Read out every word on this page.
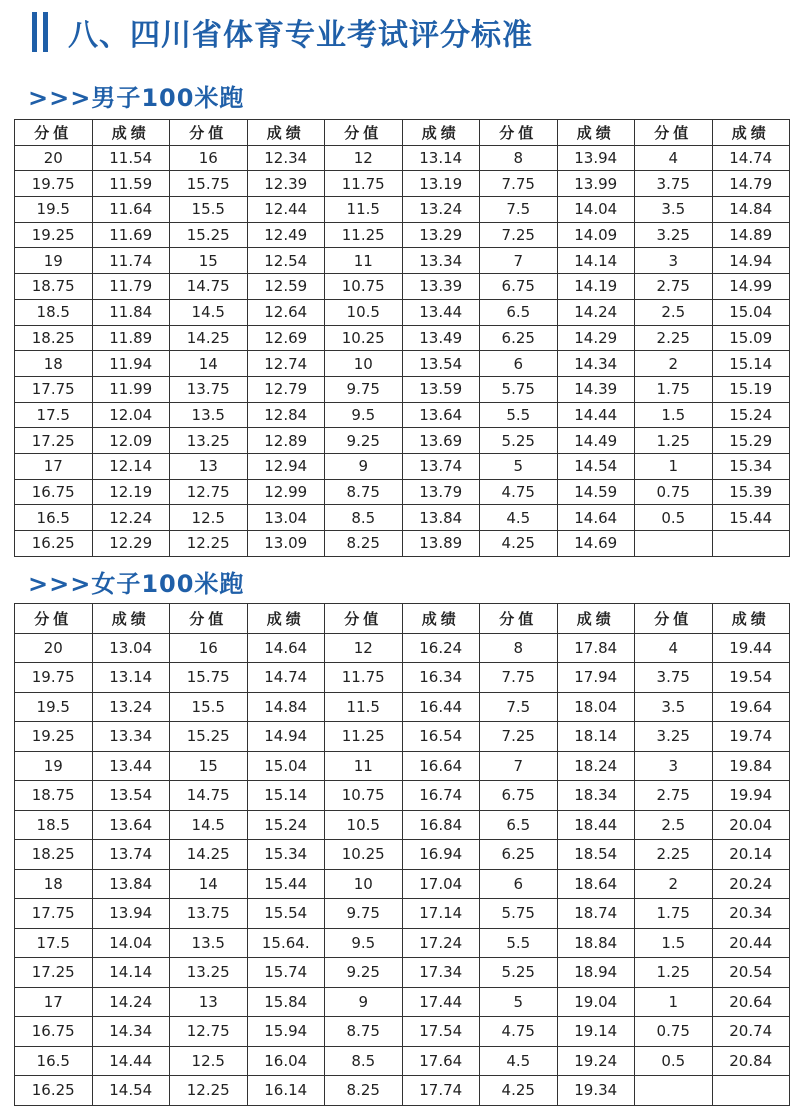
八、四川省体育专业考试评分标准
>>>男子100米跑
分值	成绩	分值	成绩	分值	成绩	分值	成绩	分值	成绩
20	11.54	16	12.34	12	13.14	8	13.94	4	14.74
19.75	11.59	15.75	12.39	11.75	13.19	7.75	13.99	3.75	14.79
19.5	11.64	15.5	12.44	11.5	13.24	7.5	14.04	3.5	14.84
19.25	11.69	15.25	12.49	11.25	13.29	7.25	14.09	3.25	14.89
19	11.74	15	12.54	11	13.34	7	14.14	3	14.94
18.75	11.79	14.75	12.59	10.75	13.39	6.75	14.19	2.75	14.99
18.5	11.84	14.5	12.64	10.5	13.44	6.5	14.24	2.5	15.04
18.25	11.89	14.25	12.69	10.25	13.49	6.25	14.29	2.25	15.09
18	11.94	14	12.74	10	13.54	6	14.34	2	15.14
17.75	11.99	13.75	12.79	9.75	13.59	5.75	14.39	1.75	15.19
17.5	12.04	13.5	12.84	9.5	13.64	5.5	14.44	1.5	15.24
17.25	12.09	13.25	12.89	9.25	13.69	5.25	14.49	1.25	15.29
17	12.14	13	12.94	9	13.74	5	14.54	1	15.34
16.75	12.19	12.75	12.99	8.75	13.79	4.75	14.59	0.75	15.39
16.5	12.24	12.5	13.04	8.5	13.84	4.5	14.64	0.5	15.44
16.25	12.29	12.25	13.09	8.25	13.89	4.25	14.69		
>>>女子100米跑
分值	成绩	分值	成绩	分值	成绩	分值	成绩	分值	成绩
20	13.04	16	14.64	12	16.24	8	17.84	4	19.44
19.75	13.14	15.75	14.74	11.75	16.34	7.75	17.94	3.75	19.54
19.5	13.24	15.5	14.84	11.5	16.44	7.5	18.04	3.5	19.64
19.25	13.34	15.25	14.94	11.25	16.54	7.25	18.14	3.25	19.74
19	13.44	15	15.04	11	16.64	7	18.24	3	19.84
18.75	13.54	14.75	15.14	10.75	16.74	6.75	18.34	2.75	19.94
18.5	13.64	14.5	15.24	10.5	16.84	6.5	18.44	2.5	20.04
18.25	13.74	14.25	15.34	10.25	16.94	6.25	18.54	2.25	20.14
18	13.84	14	15.44	10	17.04	6	18.64	2	20.24
17.75	13.94	13.75	15.54	9.75	17.14	5.75	18.74	1.75	20.34
17.5	14.04	13.5	15.64.	9.5	17.24	5.5	18.84	1.5	20.44
17.25	14.14	13.25	15.74	9.25	17.34	5.25	18.94	1.25	20.54
17	14.24	13	15.84	9	17.44	5	19.04	1	20.64
16.75	14.34	12.75	15.94	8.75	17.54	4.75	19.14	0.75	20.74
16.5	14.44	12.5	16.04	8.5	17.64	4.5	19.24	0.5	20.84
16.25	14.54	12.25	16.14	8.25	17.74	4.25	19.34		
